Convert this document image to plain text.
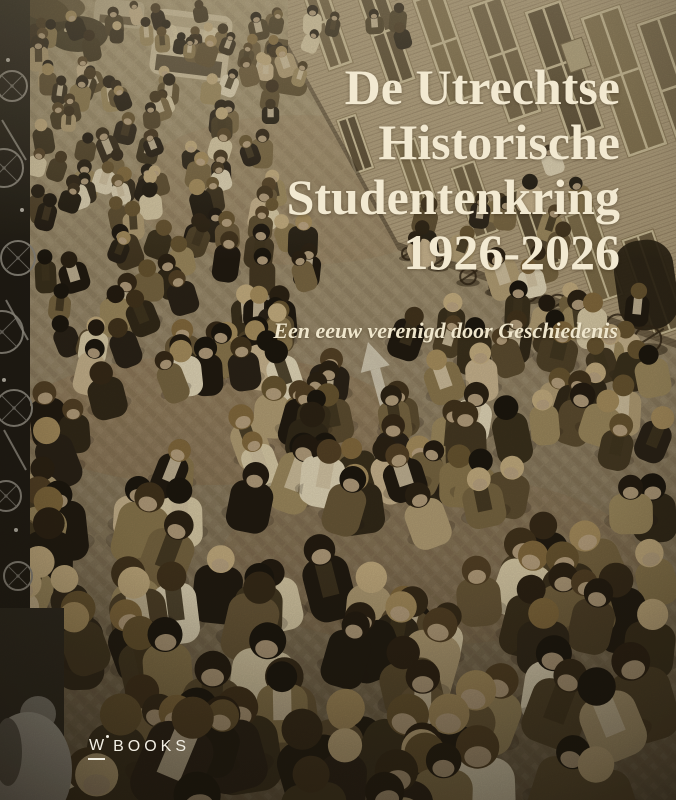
De Utrechtse
Historische
Studentenkring
1926-2026
Een eeuw verenigd door Geschiedenis
W BOOKS
